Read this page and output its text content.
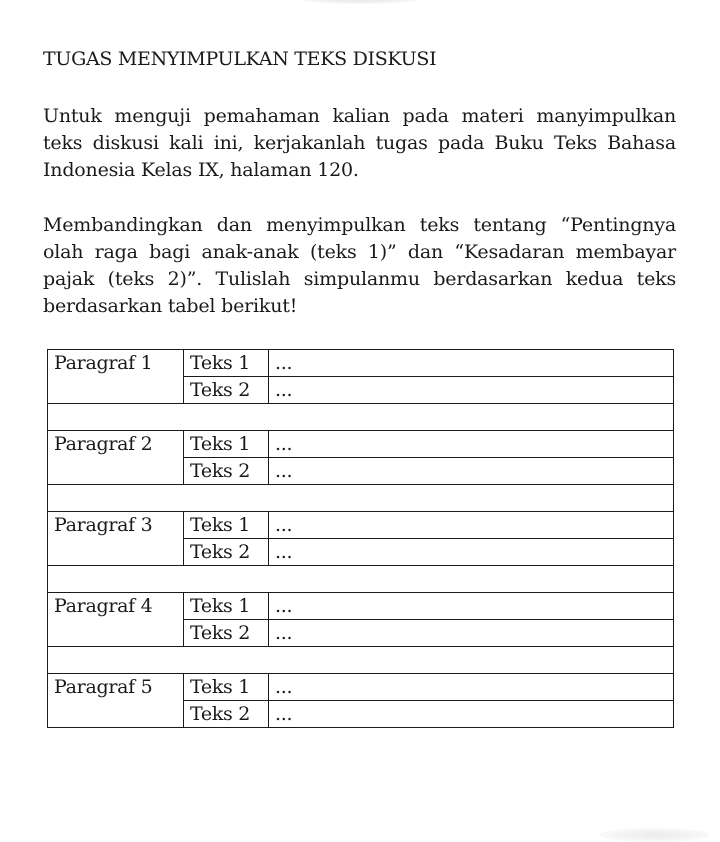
TUGAS MENYIMPULKAN TEKS DISKUSI
Untuk menguji pemahaman kalian pada materi manyimpulkan teks diskusi kali ini, kerjakanlah tugas pada Buku Teks Bahasa Indonesia Kelas IX, halaman 120.
Membandingkan dan menyimpulkan teks tentang “Pentingnya olah raga bagi anak-anak (teks 1)” dan “Kesadaran membayar pajak (teks 2)”. Tulislah simpulanmu berdasarkan kedua teks berdasarkan tabel berikut!
Paragraf 1	Teks 1	...
	Teks 2	...

Paragraf 2	Teks 1	...
	Teks 2	...

Paragraf 3	Teks 1	...
	Teks 2	...

Paragraf 4	Teks 1	...
	Teks 2	...

Paragraf 5	Teks 1	...
	Teks 2	...
